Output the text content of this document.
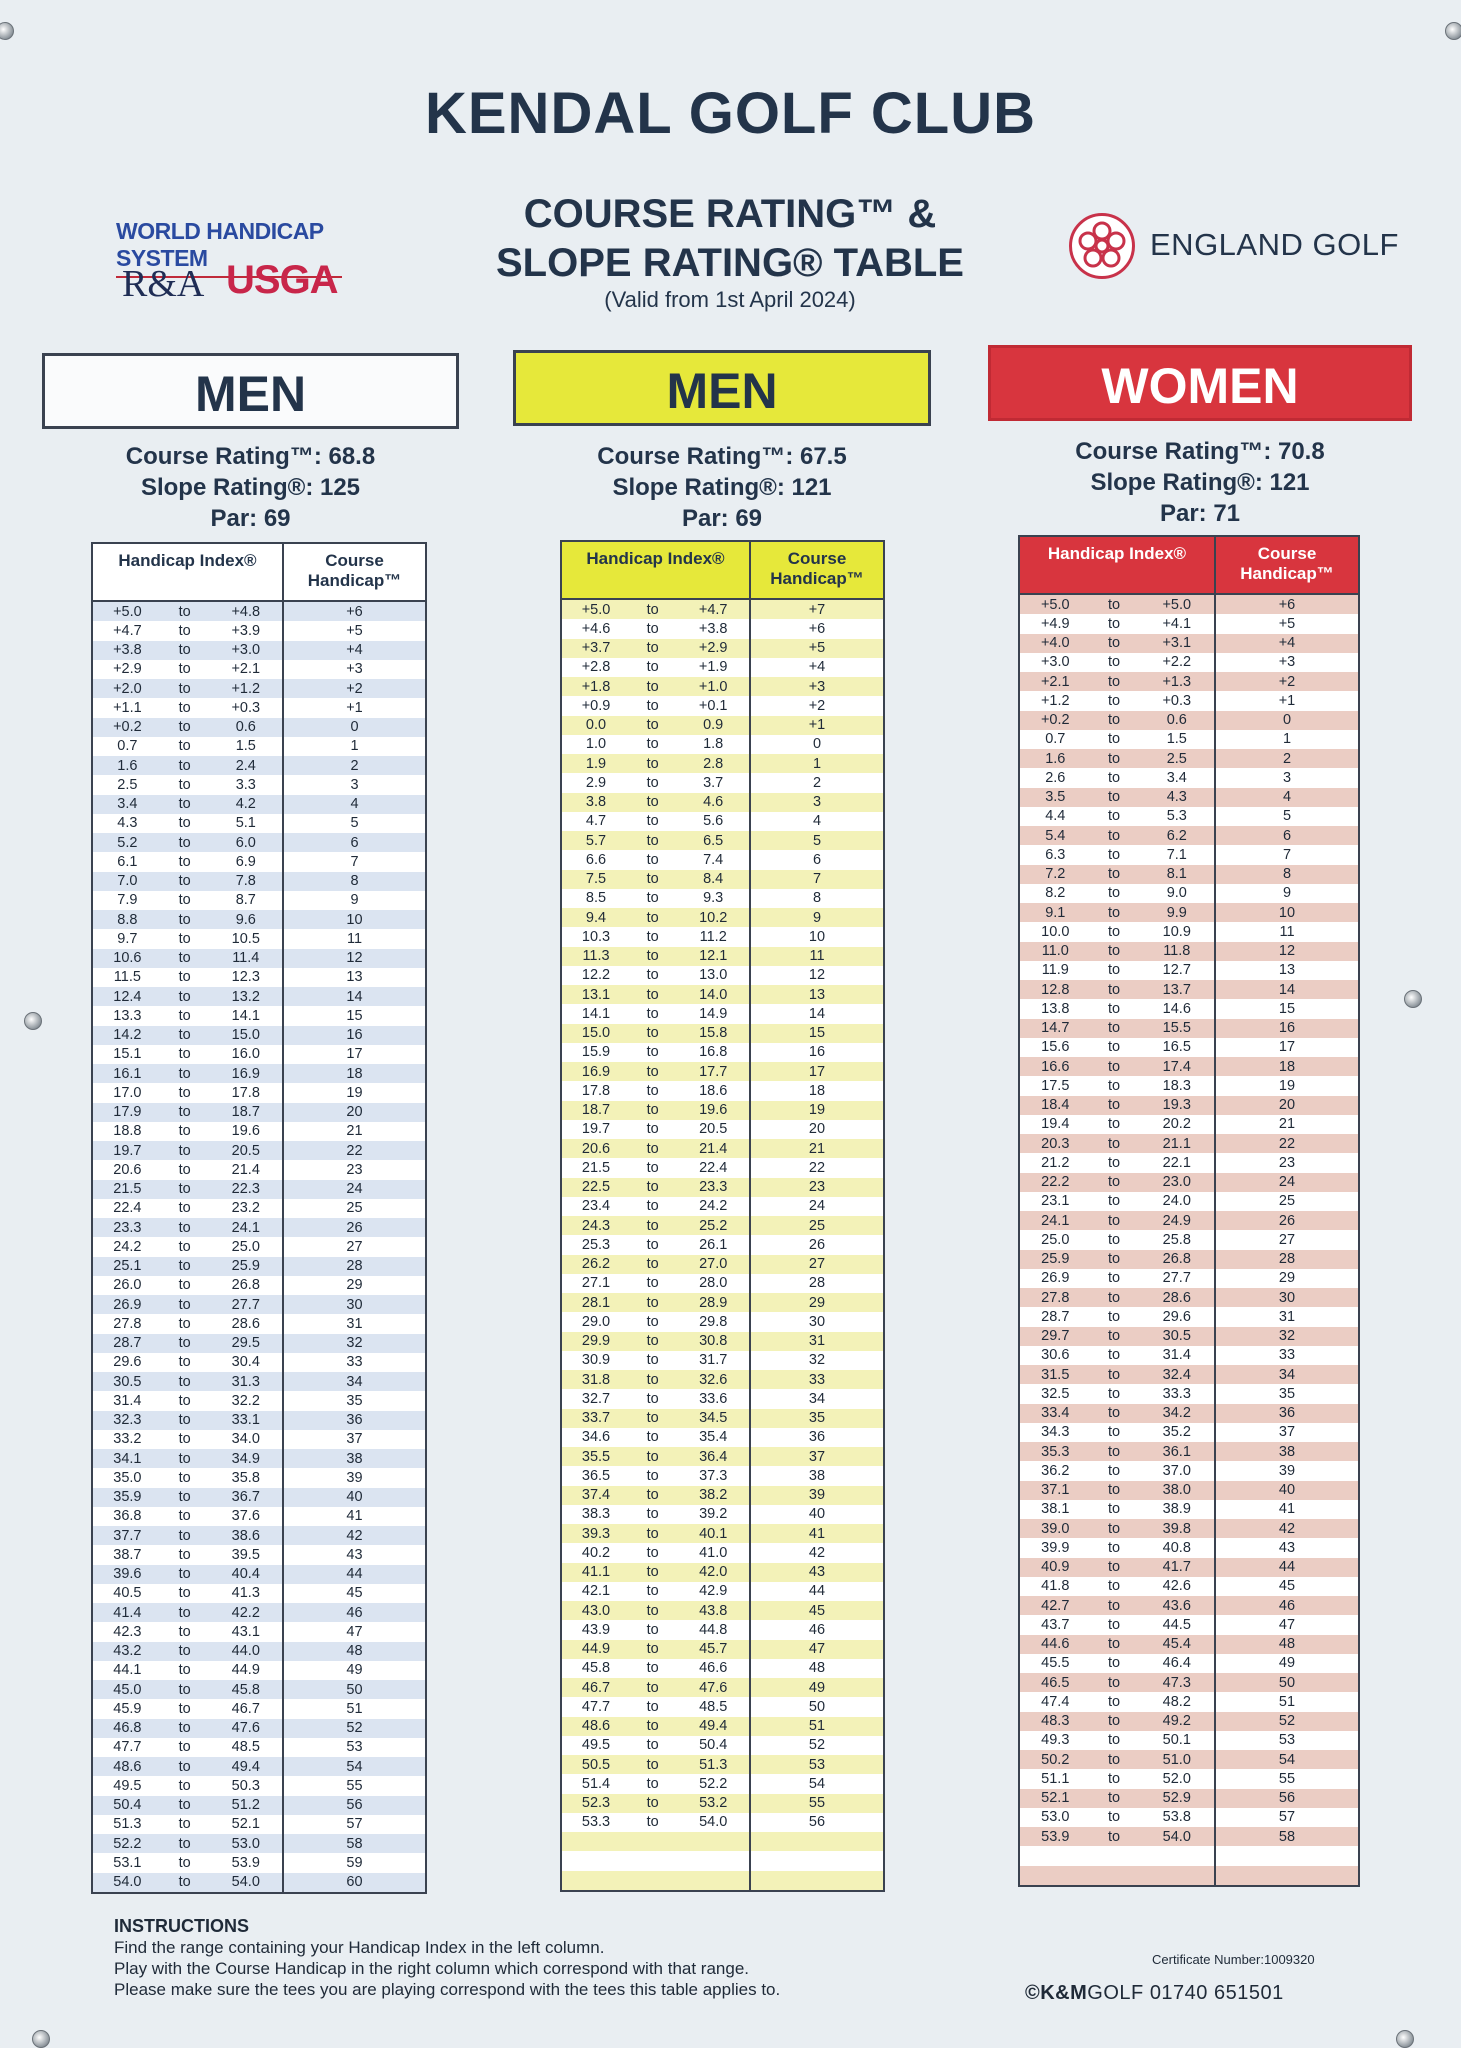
KENDAL GOLF CLUB
WORLD HANDICAP SYSTEM
R&A USGA
COURSE RATING™ &
SLOPE RATING® TABLE
(Valid from 1st April 2024)
ENGLAND GOLF
MEN
Course Rating™: 68.8
Slope Rating®: 125
Par: 69
Handicap Index®	Course Handicap™
+5.0	to	+4.8	+6
+4.7	to	+3.9	+5
+3.8	to	+3.0	+4
+2.9	to	+2.1	+3
+2.0	to	+1.2	+2
+1.1	to	+0.3	+1
+0.2	to	0.6	0
0.7	to	1.5	1
1.6	to	2.4	2
2.5	to	3.3	3
3.4	to	4.2	4
4.3	to	5.1	5
5.2	to	6.0	6
6.1	to	6.9	7
7.0	to	7.8	8
7.9	to	8.7	9
8.8	to	9.6	10
9.7	to	10.5	11
10.6	to	11.4	12
11.5	to	12.3	13
12.4	to	13.2	14
13.3	to	14.1	15
14.2	to	15.0	16
15.1	to	16.0	17
16.1	to	16.9	18
17.0	to	17.8	19
17.9	to	18.7	20
18.8	to	19.6	21
19.7	to	20.5	22
20.6	to	21.4	23
21.5	to	22.3	24
22.4	to	23.2	25
23.3	to	24.1	26
24.2	to	25.0	27
25.1	to	25.9	28
26.0	to	26.8	29
26.9	to	27.7	30
27.8	to	28.6	31
28.7	to	29.5	32
29.6	to	30.4	33
30.5	to	31.3	34
31.4	to	32.2	35
32.3	to	33.1	36
33.2	to	34.0	37
34.1	to	34.9	38
35.0	to	35.8	39
35.9	to	36.7	40
36.8	to	37.6	41
37.7	to	38.6	42
38.7	to	39.5	43
39.6	to	40.4	44
40.5	to	41.3	45
41.4	to	42.2	46
42.3	to	43.1	47
43.2	to	44.0	48
44.1	to	44.9	49
45.0	to	45.8	50
45.9	to	46.7	51
46.8	to	47.6	52
47.7	to	48.5	53
48.6	to	49.4	54
49.5	to	50.3	55
50.4	to	51.2	56
51.3	to	52.1	57
52.2	to	53.0	58
53.1	to	53.9	59
54.0	to	54.0	60
MEN
Course Rating™: 67.5
Slope Rating®: 121
Par: 69
Handicap Index®	Course Handicap™
+5.0	to	+4.7	+7
+4.6	to	+3.8	+6
+3.7	to	+2.9	+5
+2.8	to	+1.9	+4
+1.8	to	+1.0	+3
+0.9	to	+0.1	+2
0.0	to	0.9	+1
1.0	to	1.8	0
1.9	to	2.8	1
2.9	to	3.7	2
3.8	to	4.6	3
4.7	to	5.6	4
5.7	to	6.5	5
6.6	to	7.4	6
7.5	to	8.4	7
8.5	to	9.3	8
9.4	to	10.2	9
10.3	to	11.2	10
11.3	to	12.1	11
12.2	to	13.0	12
13.1	to	14.0	13
14.1	to	14.9	14
15.0	to	15.8	15
15.9	to	16.8	16
16.9	to	17.7	17
17.8	to	18.6	18
18.7	to	19.6	19
19.7	to	20.5	20
20.6	to	21.4	21
21.5	to	22.4	22
22.5	to	23.3	23
23.4	to	24.2	24
24.3	to	25.2	25
25.3	to	26.1	26
26.2	to	27.0	27
27.1	to	28.0	28
28.1	to	28.9	29
29.0	to	29.8	30
29.9	to	30.8	31
30.9	to	31.7	32
31.8	to	32.6	33
32.7	to	33.6	34
33.7	to	34.5	35
34.6	to	35.4	36
35.5	to	36.4	37
36.5	to	37.3	38
37.4	to	38.2	39
38.3	to	39.2	40
39.3	to	40.1	41
40.2	to	41.0	42
41.1	to	42.0	43
42.1	to	42.9	44
43.0	to	43.8	45
43.9	to	44.8	46
44.9	to	45.7	47
45.8	to	46.6	48
46.7	to	47.6	49
47.7	to	48.5	50
48.6	to	49.4	51
49.5	to	50.4	52
50.5	to	51.3	53
51.4	to	52.2	54
52.3	to	53.2	55
53.3	to	54.0	56
WOMEN
Course Rating™: 70.8
Slope Rating®: 121
Par: 71
Handicap Index®	Course Handicap™
+5.0	to	+5.0	+6
+4.9	to	+4.1	+5
+4.0	to	+3.1	+4
+3.0	to	+2.2	+3
+2.1	to	+1.3	+2
+1.2	to	+0.3	+1
+0.2	to	0.6	0
0.7	to	1.5	1
1.6	to	2.5	2
2.6	to	3.4	3
3.5	to	4.3	4
4.4	to	5.3	5
5.4	to	6.2	6
6.3	to	7.1	7
7.2	to	8.1	8
8.2	to	9.0	9
9.1	to	9.9	10
10.0	to	10.9	11
11.0	to	11.8	12
11.9	to	12.7	13
12.8	to	13.7	14
13.8	to	14.6	15
14.7	to	15.5	16
15.6	to	16.5	17
16.6	to	17.4	18
17.5	to	18.3	19
18.4	to	19.3	20
19.4	to	20.2	21
20.3	to	21.1	22
21.2	to	22.1	23
22.2	to	23.0	24
23.1	to	24.0	25
24.1	to	24.9	26
25.0	to	25.8	27
25.9	to	26.8	28
26.9	to	27.7	29
27.8	to	28.6	30
28.7	to	29.6	31
29.7	to	30.5	32
30.6	to	31.4	33
31.5	to	32.4	34
32.5	to	33.3	35
33.4	to	34.2	36
34.3	to	35.2	37
35.3	to	36.1	38
36.2	to	37.0	39
37.1	to	38.0	40
38.1	to	38.9	41
39.0	to	39.8	42
39.9	to	40.8	43
40.9	to	41.7	44
41.8	to	42.6	45
42.7	to	43.6	46
43.7	to	44.5	47
44.6	to	45.4	48
45.5	to	46.4	49
46.5	to	47.3	50
47.4	to	48.2	51
48.3	to	49.2	52
49.3	to	50.1	53
50.2	to	51.0	54
51.1	to	52.0	55
52.1	to	52.9	56
53.0	to	53.8	57
53.9	to	54.0	58
INSTRUCTIONS
Find the range containing your Handicap Index in the left column.
Play with the Course Handicap in the right column which correspond with that range.
Please make sure the tees you are playing correspond with the tees this table applies to.
Certificate Number:1009320
©K&MGOLF 01740 651501
